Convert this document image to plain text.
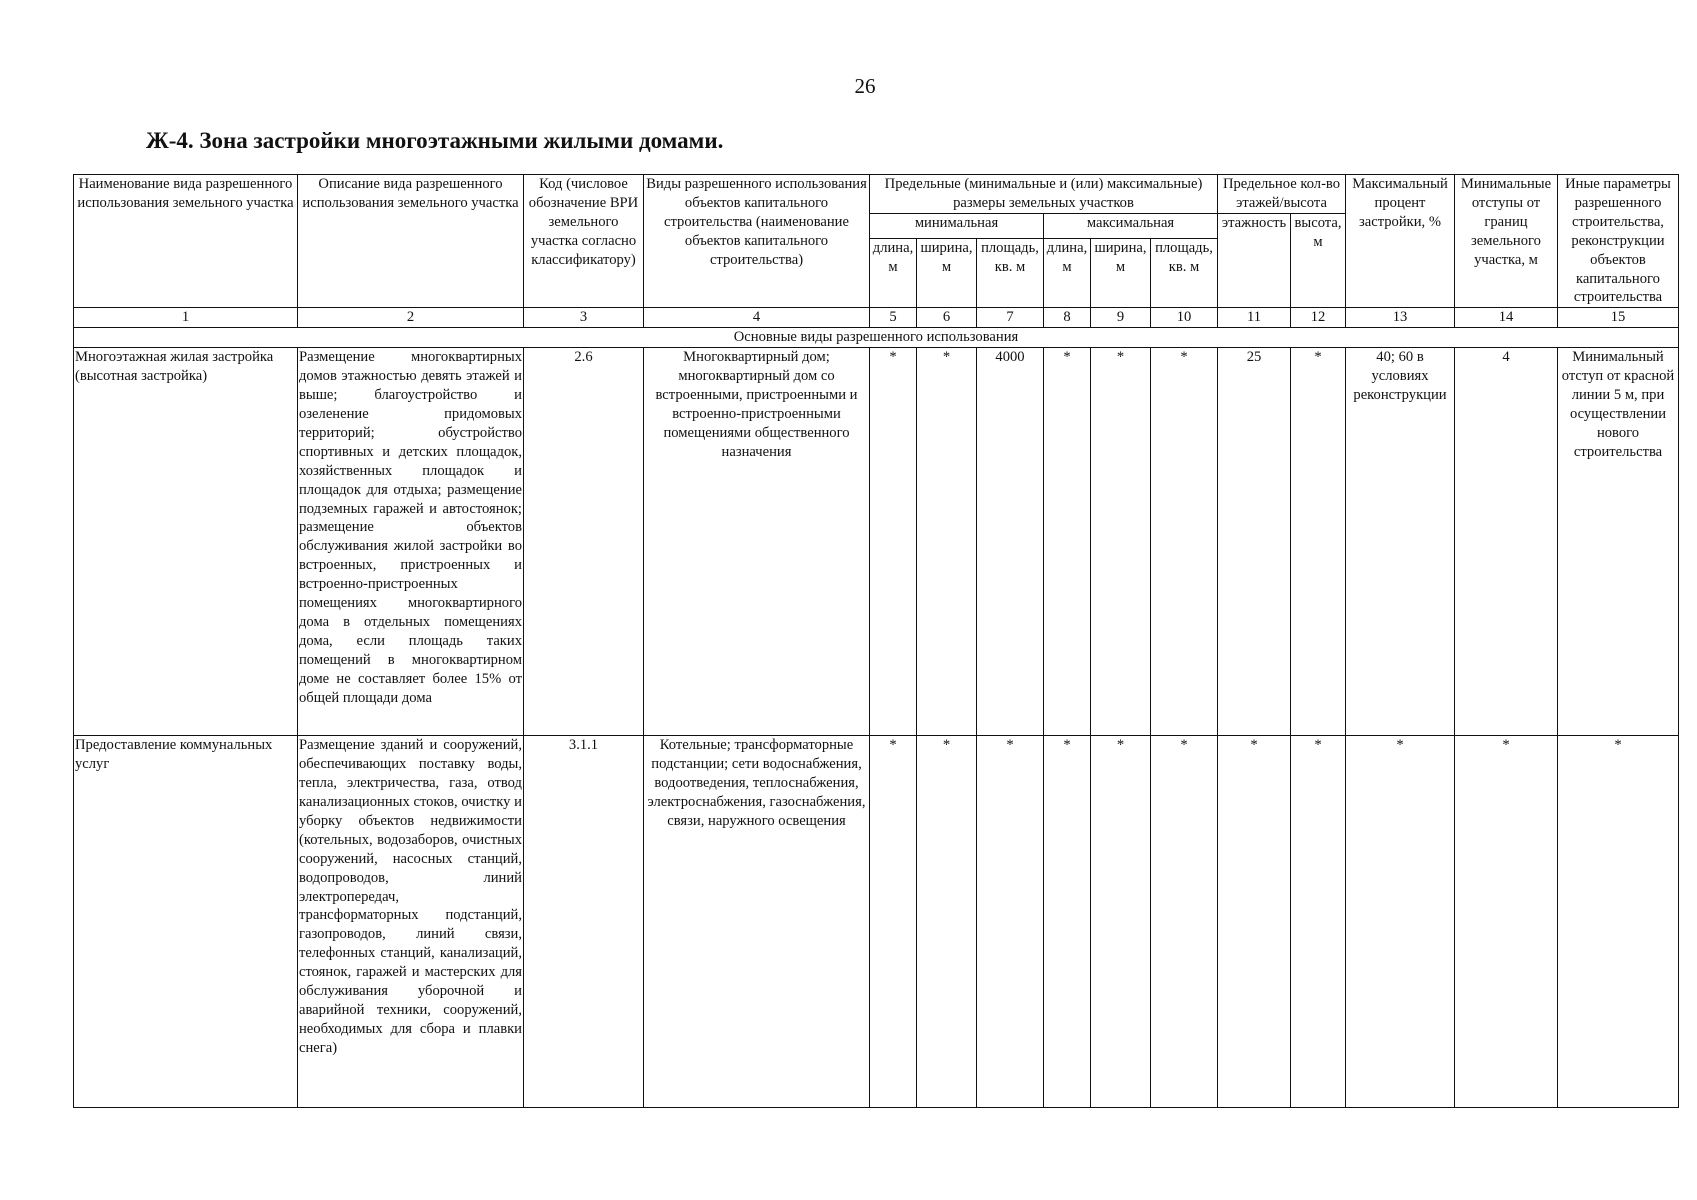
26
Ж-4. Зона застройки многоэтажными жилыми домами.
Наименование вида разрешенного использования земельного участка	Описание вида разрешенного использования земельного участка	Код (числовое обозначение ВРИ земельного участка согласно классификатору)	Виды разрешенного использования объектов капитального строительства (наименование объектов капитального строительства)	Предельные (минимальные и (или) максимальные) размеры земельных участков						Предельное кол-во этажей/высота		Максимальный процент застройки, %	Минимальные отступы от границ земельного участка, м	Иные параметры разрешенного строительства, реконструкции объектов капитального строительства
				минимальная			максимальная			этажность	высота, м			
				длина, м	ширина, м	площадь, кв. м	длина, м	ширина, м	площадь, кв. м					
1	2	3	4	5	6	7	8	9	10	11	12	13	14	15
Основные виды разрешенного использования														
Многоэтажная жилая застройка (высотная застройка)	Размещение многоквартирных домов этажностью девять этажей и выше; благоустройство и озеленение придомовых территорий; обустройство спортивных и детских площадок, хозяйственных площадок и площадок для отдыха; размещение подземных гаражей и автостоянок; размещение объектов обслуживания жилой застройки во встроенных, пристроенных и встроенно-пристроенных помещениях многоквартирного дома в отдельных помещениях дома, если площадь таких помещений в многоквартирном доме не составляет более 15% от общей площади дома	2.6	Многоквартирный дом; многоквартирный дом со встроенными, пристроенными и встроенно-пристроенными помещениями общественного назначения	*	*	4000	*	*	*	25	*	40; 60 в условиях реконструкции	4	Минимальный отступ от красной линии 5 м, при осуществлении нового строительства
Предоставление коммунальных услуг	Размещение зданий и сооружений, обеспечивающих поставку воды, тепла, электричества, газа, отвод канализационных стоков, очистку и уборку объектов недвижимости (котельных, водозаборов, очистных сооружений, насосных станций, водопроводов, линий электропередач, трансформаторных подстанций, газопроводов, линий связи, телефонных станций, канализаций, стоянок, гаражей и мастерских для обслуживания уборочной и аварийной техники, сооружений, необходимых для сбора и плавки снега)	3.1.1	Котельные; трансформаторные подстанции; сети водоснабжения, водоотведения, теплоснабжения, электроснабжения, газоснабжения, связи, наружного освещения	*	*	*	*	*	*	*	*	*	*	*
